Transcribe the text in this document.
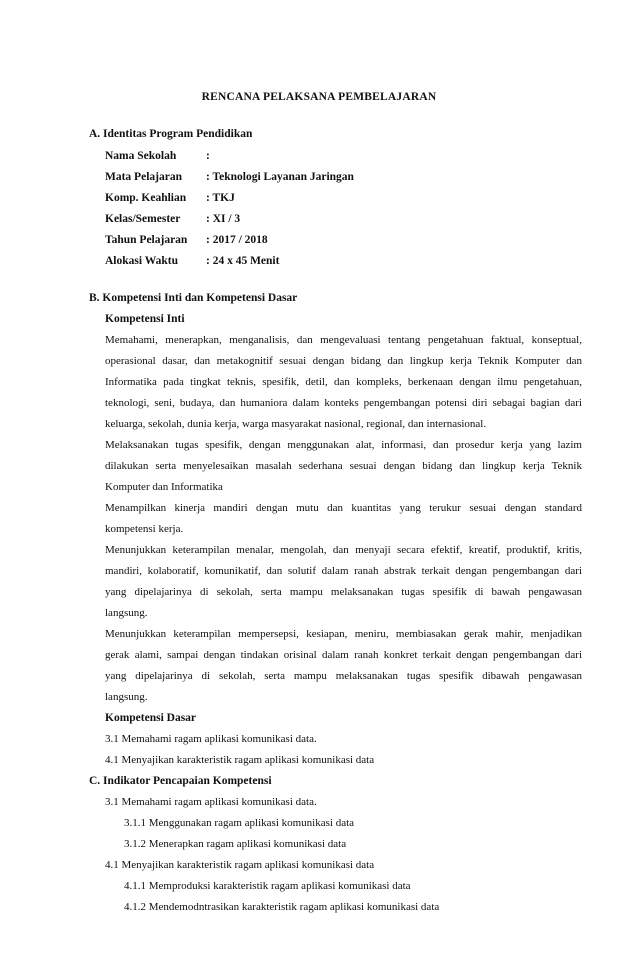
RENCANA PELAKSANA PEMBELAJARAN
A. Identitas Program Pendidikan
Nama Sekolah	:
Mata Pelajaran : Teknologi Layanan Jaringan
Komp. Keahlian : TKJ
Kelas/Semester : XI / 3
Tahun Pelajaran : 2017 / 2018
Alokasi Waktu : 24 x 45 Menit
B. Kompetensi Inti dan Kompetensi Dasar
Kompetensi Inti
Memahami, menerapkan, menganalisis, dan mengevaluasi tentang pengetahuan faktual, konseptual,
operasional dasar, dan metakognitif sesuai dengan bidang dan lingkup kerja Teknik Komputer dan
Informatika pada tingkat teknis, spesifik, detil, dan kompleks, berkenaan dengan ilmu pengetahuan,
teknologi, seni, budaya, dan humaniora dalam konteks pengembangan potensi diri sebagai bagian dari
keluarga, sekolah, dunia kerja, warga masyarakat nasional, regional, dan internasional.
Melaksanakan tugas spesifik, dengan menggunakan alat, informasi, dan prosedur kerja yang lazim
dilakukan serta menyelesaikan masalah sederhana sesuai dengan bidang dan lingkup kerja Teknik
Komputer dan Informatika
Menampilkan kinerja mandiri dengan mutu dan kuantitas yang terukur sesuai dengan standard
kompetensi kerja.
Menunjukkan keterampilan menalar, mengolah, dan menyaji secara efektif, kreatif, produktif, kritis,
mandiri, kolaboratif, komunikatif, dan solutif dalam ranah abstrak terkait dengan pengembangan dari
yang dipelajarinya di sekolah, serta mampu melaksanakan tugas spesifik di bawah pengawasan
langsung.
Menunjukkan keterampilan mempersepsi, kesiapan, meniru, membiasakan gerak mahir, menjadikan
gerak alami, sampai dengan tindakan orisinal dalam ranah konkret terkait dengan pengembangan dari
yang dipelajarinya di sekolah, serta mampu melaksanakan tugas spesifik dibawah pengawasan
langsung.
Kompetensi Dasar
3.1 Memahami ragam aplikasi komunikasi data.
4.1 Menyajikan karakteristik ragam aplikasi komunikasi data
C. Indikator Pencapaian Kompetensi
3.1 Memahami ragam aplikasi komunikasi data.
3.1.1 Menggunakan ragam aplikasi komunikasi data
3.1.2 Menerapkan ragam aplikasi komunikasi data
4.1 Menyajikan karakteristik ragam aplikasi komunikasi data
4.1.1 Memproduksi karakteristik ragam aplikasi komunikasi data
4.1.2 Mendemodntrasikan karakteristik ragam aplikasi komunikasi data
